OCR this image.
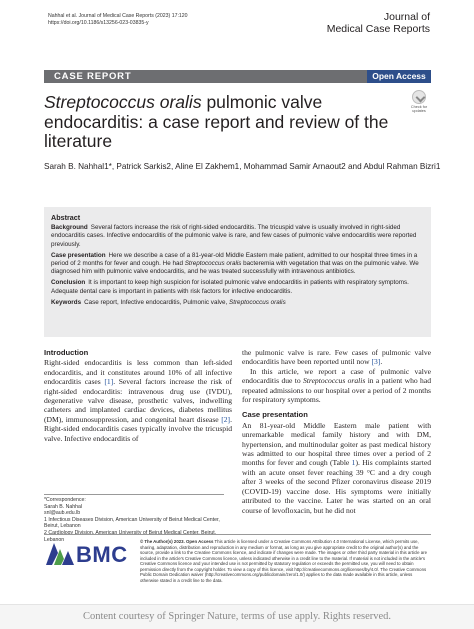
Nahhal et al. Journal of Medical Case Reports (2023) 17:120
https://doi.org/10.1186/s13256-023-03835-y	Journal of
Medical Case Reports
CASE REPORT	Open Access
Streptococcus oralis pulmonic valve endocarditis: a case report and review of the literature
Check for
updates
Sarah B. Nahhal1*, Patrick Sarkis2, Aline El Zakhem1, Mohammad Samir Arnaout2 and Abdul Rahman Bizri1
Abstract
Background Several factors increase the risk of right-sided endocarditis. The tricuspid valve is usually involved in right-sided endocarditis cases. Infective endocarditis of the pulmonic valve is rare, and few cases of pulmonic valve endocarditis were reported previously.
Case presentation Here we describe a case of a 81-year-old Middle Eastern male patient, admitted to our hospital three times in a period of 2 months for fever and cough. He had Streptococcus oralis bacteremia with vegetation that was on the pulmonic valve. We diagnosed him with pulmonic valve endocarditis, and he was treated successfully with intravenous antibiotics.
Conclusion It is important to keep high suspicion for isolated pulmonic valve endocarditis in patients with respiratory symptoms. Adequate dental care is important in patients with risk factors for infective endocarditis.
Keywords Case report, Infective endocarditis, Pulmonic valve, Streptococcus oralis
Introduction

Right-sided endocarditis is less common than left-sided endocarditis, and it constitutes around 10% of all infective endocarditis cases [1]. Several factors increase the risk of right-sided endocarditis: intravenous drug use (IVDU), degenerative valve disease, prosthetic valves, indwelling catheters and implanted cardiac devices, diabetes mellitus (DM), immunosuppression, and congenital heart disease [2]. Right-sided endocarditis cases typically involve the tricuspid valve. Infective endocarditis of

*Correspondence:
Sarah B. Nahhal
snl@aub.edu.lb
1 Infectious Diseases Division, American University of Beirut Medical Center, Beirut, Lebanon
2 Cardiology Division, American University of Beirut Medical Center, Beirut, Lebanon

the pulmonic valve is rare. Few cases of pulmonic valve endocarditis have been reported until now [3].

In this article, we report a case of pulmonic valve endocarditis due to Streptococcus oralis in a patient who had repeated admissions to our hospital over a period of 2 months for respiratory symptoms.

Case presentation

An 81-year-old Middle Eastern male patient with unremarkable medical family history and with DM, hypertension, and multinodular goiter as past medical history was admitted to our hospital three times over a period of 2 months for fever and cough (Table 1). His complaints started with an acute onset fever reaching 39 °C and a dry cough after 3 weeks of the second Pfizer coronavirus disease 2019 (COVID-19) vaccine dose. His symptoms were initially attributed to the vaccine. Later he was started on an oral course of levofloxacin, but he did not

BMC
© The Author(s) 2023. Open Access This article is licensed under a Creative Commons Attribution 4.0 International License, which permits use, sharing, adaptation, distribution and reproduction in any medium or format, as long as you give appropriate credit to the original author(s) and the source, provide a link to the Creative Commons licence, and indicate if changes were made. The images or other third party material in this article are included in the article's Creative Commons licence, unless indicated otherwise in a credit line to the material. If material is not included in the article's Creative Commons licence and your intended use is not permitted by statutory regulation or exceeds the permitted use, you will need to obtain permission directly from the copyright holder. To view a copy of this licence, visit http://creativecommons.org/licenses/by/4.0/. The Creative Commons Public Domain Dedication waiver (http://creativecommons.org/publicdomain/zero/1.0/) applies to the data made available in this article, unless otherwise stated in a credit line to the data.
Content courtesy of Springer Nature, terms of use apply. Rights reserved.
